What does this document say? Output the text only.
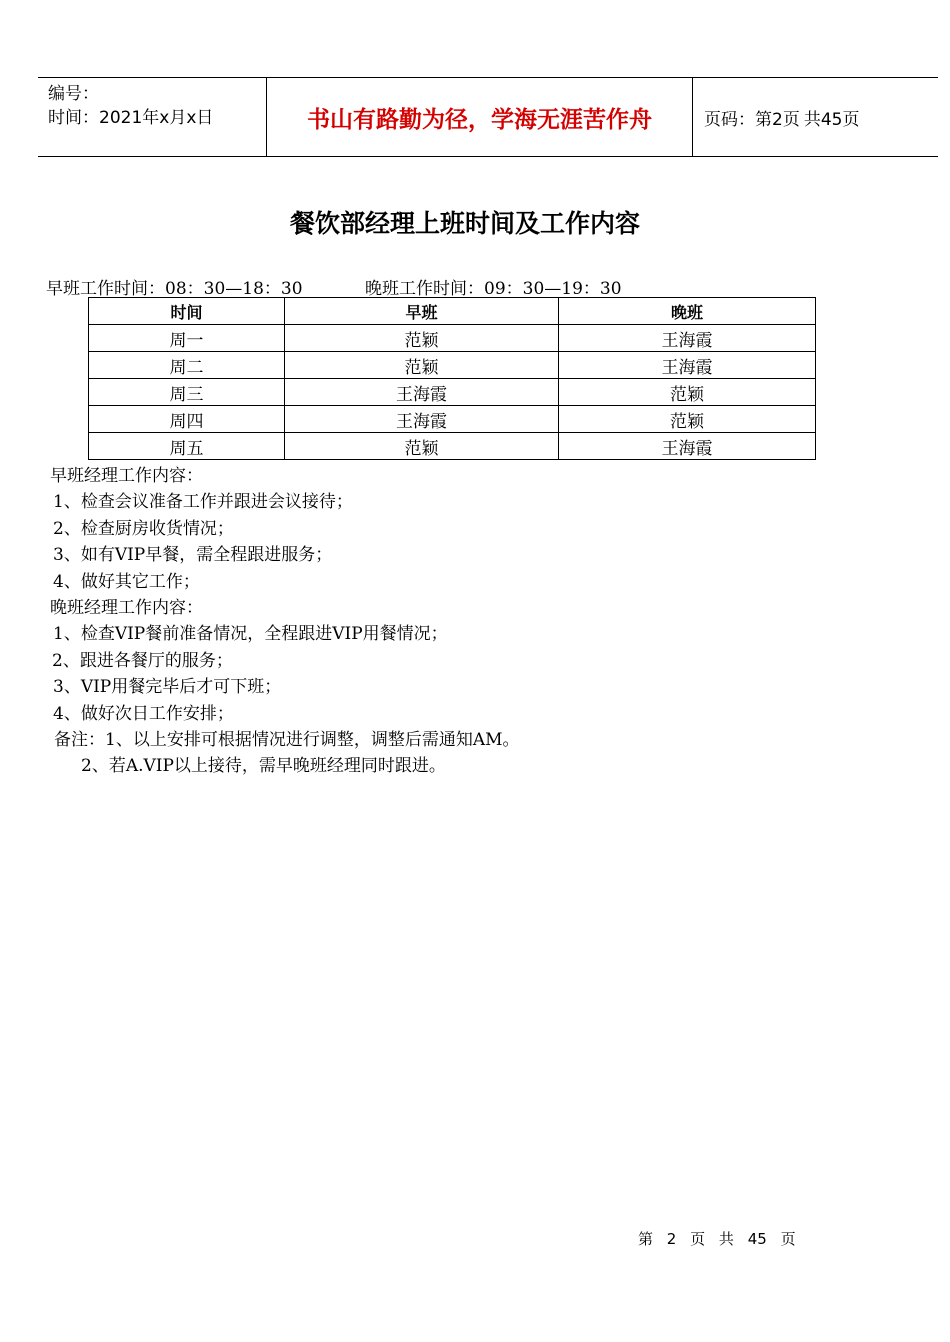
编号：
时间：2021年x月x日	书山有路勤为径，学海无涯苦作舟	页码：第2页 共45页
餐饮部经理上班时间及工作内容
早班工作时间：08：30—18：30	晚班工作时间：09：30—19：30
时间	早班	晚班
周一	范颖	王海霞
周二	范颖	王海霞
周三	王海霞	范颖
周四	王海霞	范颖
周五	范颖	王海霞
早班经理工作内容：
1、检查会议准备工作并跟进会议接待；
2、检查厨房收货情况；
3、如有VIP早餐，需全程跟进服务；
4、做好其它工作；
晚班经理工作内容：
1、检查VIP餐前准备情况，全程跟进VIP用餐情况；
2、跟进各餐厅的服务；
3、VIP用餐完毕后才可下班；
4、做好次日工作安排；
备注：1、以上安排可根据情况进行调整，调整后需通知AM。
2、若A.VIP以上接待，需早晚班经理同时跟进。
第 2 页 共 45 页
